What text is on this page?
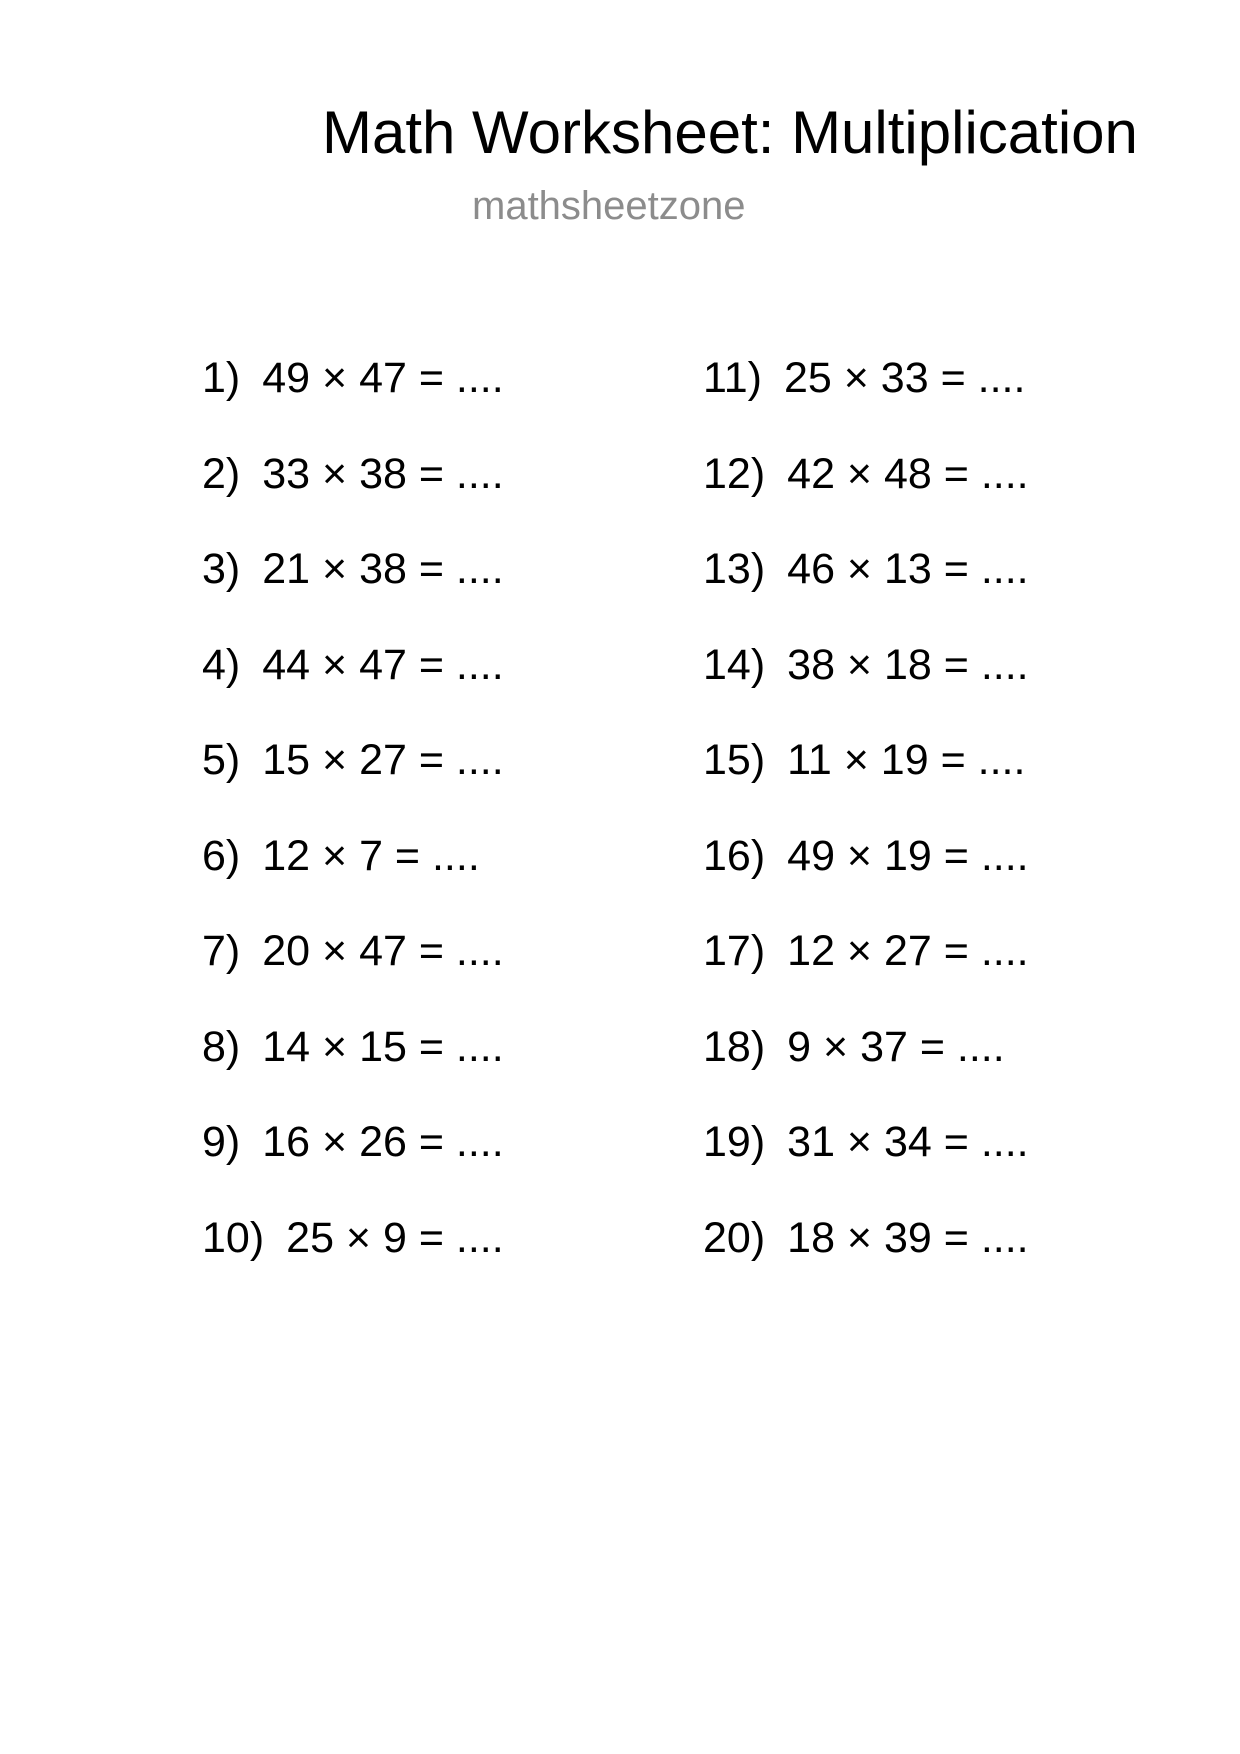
Math Worksheet: Multiplication
mathsheetzone
1) 49 × 47 = ....
2) 33 × 38 = ....
3) 21 × 38 = ....
4) 44 × 47 = ....
5) 15 × 27 = ....
6) 12 × 7 = ....
7) 20 × 47 = ....
8) 14 × 15 = ....
9) 16 × 26 = ....
10) 25 × 9 = ....
11) 25 × 33 = ....
12) 42 × 48 = ....
13) 46 × 13 = ....
14) 38 × 18 = ....
15) 11 × 19 = ....
16) 49 × 19 = ....
17) 12 × 27 = ....
18) 9 × 37 = ....
19) 31 × 34 = ....
20) 18 × 39 = ....
